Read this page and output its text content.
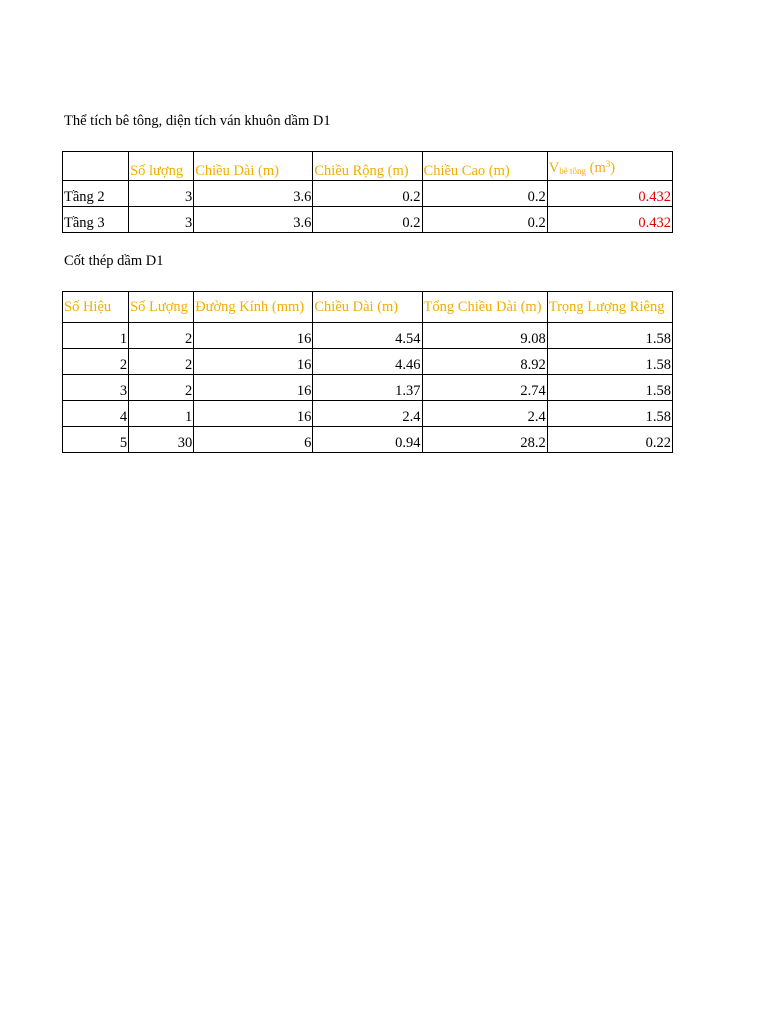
Thể tích bê tông, diện tích ván khuôn dầm D1
	Số lượng	Chiều Dài (m)	Chiều Rộng (m)	Chiều Cao (m)	$V_{bê tông}$ $(m^3)$
Tầng 2	3	3.6	0.2	0.2	0.432
Tầng 3	3	3.6	0.2	0.2	0.432
Cốt thép dầm D1
Số Hiệu	Số Lượng	Đường Kính (mm)	Chiều Dài (m)	Tổng Chiều Dài (m)	Trọng Lượng Riêng
1	2	16	4.54	9.08	1.58
2	2	16	4.46	8.92	1.58
3	2	16	1.37	2.74	1.58
4	1	16	2.4	2.4	1.58
5	30	6	0.94	28.2	0.22
